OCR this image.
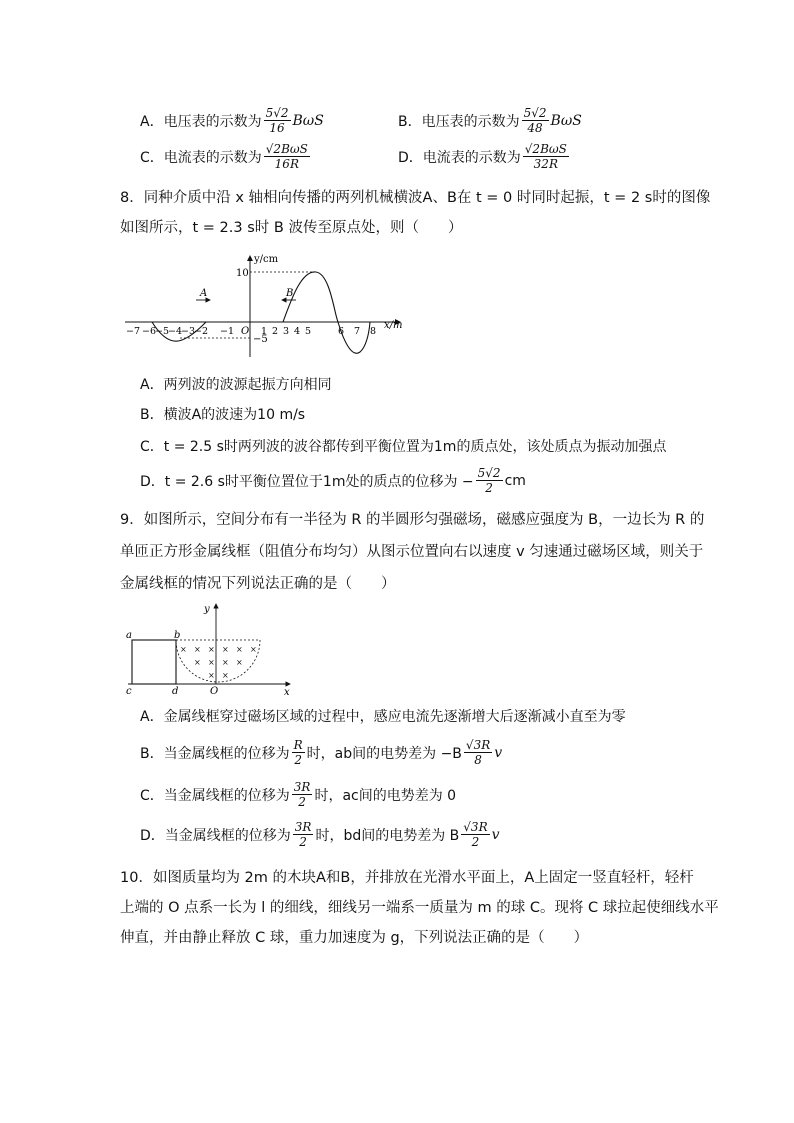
A． 电压表的示数为 $\frac{5√2}{16}$ BωS	B． 电压表的示数为 $\frac{5√2}{48}$ BωS
C． 电流表的示数为 $\frac{\text{√2BωS}}{16R}$	D． 电流表的示数为 $\frac{\text{√2BωS}}{32R}$
8．同种介质中沿 x 轴相向传播的两列机械横波A、B在 t = 0 时同时起振，t = 2 s时的图像
如图所示，t = 2.3 s时 B 波传至原点处，则（　　）
y/cm
x/m
10
−5
A	B
O
−7 −6
−5
−4
−3
−2 −1	1 2 3 4 5	6 7 8
A．两列波的波源起振方向相同
B．横波A的波速为10 m/s
C．t = 2.5 s时两列波的波谷都传到平衡位置为1m的质点处，该处质点为振动加强点
D．t = 2.6 s时平衡位置位于1m处的质点的位移为 − $\frac{5√2}{2}$ cm
9．如图所示，空间分布有一半径为 R 的半圆形匀强磁场，磁感应强度为 B，一边长为 R 的
单匝正方形金属线框（阻值分布均匀）从图示位置向右以速度 v 匀速通过磁场区域，则关于
金属线框的情况下列说法正确的是（　　）
x
y
a	b
c	d	O
× × × × × ×
× × × ×
× ×
A．金属线框穿过磁场区域的过程中，感应电流先逐渐增大后逐渐减小直至为零
B．当金属线框的位移为 $\frac{R}{2}$ 时，ab间的电势差为 $-B \frac{√3R}{8}$ v
C．当金属线框的位移为 $\frac{3R}{2}$ 时，ac间的电势差为 0
D．当金属线框的位移为 $\frac{3R}{2}$ 时，bd间的电势差为 B $\frac{√3R}{2}$ v
10．如图质量均为 2m 的木块A和B，并排放在光滑水平面上，A上固定一竖直轻杆，轻杆
上端的 O 点系一长为 l 的细线，细线另一端系一质量为 m 的球 C。现将 C 球拉起使细线水平
伸直，并由静止释放 C 球，重力加速度为 g，下列说法正确的是（　　）
